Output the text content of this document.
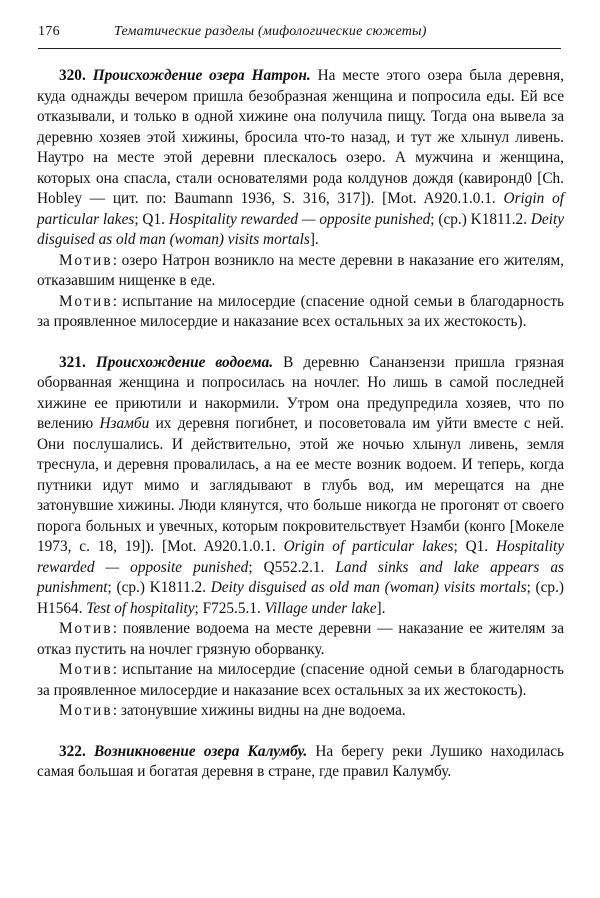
176	Тематические разделы (мифологические сюжеты)

320. Происхождение озера Натрон. На месте этого озера была деревня, куда однажды вечером пришла безобразная женщина и попросила еды. Ей все отказывали, и только в одной хижине она получила пищу. Тогда она вывела за деревню хозяев этой хижины, бросила что-то назад, и тут же хлынул ливень. Наутро на месте этой деревни плескалось озеро. А мужчина и женщина, которых она спасла, стали основателями рода колдунов дождя (кавиронд0 [Ch. Hobley — цит. по: Baumann 1936, S. 316, 317]). [Mot. A920.1.0.1. Origin of particular lakes; Q1. Hospitality rewarded — opposite punished; (ср.) K1811.2. Deity disguised as old man (woman) visits mortals].

Мотив: озеро Натрон возникло на месте деревни в наказание его жителям, отказавшим нищенке в еде.

Мотив: испытание на милосердие (спасение одной семьи в благодарность за проявленное милосердие и наказание всех остальных за их жестокость).

321. Происхождение водоема. В деревню Сананзензи пришла грязная оборванная женщина и попросилась на ночлег. Но лишь в самой последней хижине ее приютили и накормили. Утром она предупредила хозяев, что по велению Нзамби их деревня погибнет, и посоветовала им уйти вместе с ней. Они послушались. И действительно, этой же ночью хлынул ливень, земля треснула, и деревня провалилась, а на ее месте возник водоем. И теперь, когда путники идут мимо и заглядывают в глубь вод, им мерещатся на дне затонувшие хижины. Люди клянутся, что больше никогда не прогонят от своего порога больных и увечных, которым покровительствует Нзамби (конго [Мокеле 1973, с. 18, 19]). [Mot. A920.1.0.1. Origin of particular lakes; Q1. Hospitality rewarded — opposite punished; Q552.2.1. Land sinks and lake appears as punishment; (ср.) K1811.2. Deity disguised as old man (woman) visits mortals; (ср.) H1564. Test of hospitality; F725.5.1. Village under lake].

Мотив: появление водоема на месте деревни — наказание ее жителям за отказ пустить на ночлег грязную оборванку.

Мотив: испытание на милосердие (спасение одной семьи в благодарность за проявленное милосердие и наказание всех остальных за их жестокость).

Мотив: затонувшие хижины видны на дне водоема.

322. Возникновение озера Калумбу. На берегу реки Лушико находилась самая большая и богатая деревня в стране, где правил Калумбу.
